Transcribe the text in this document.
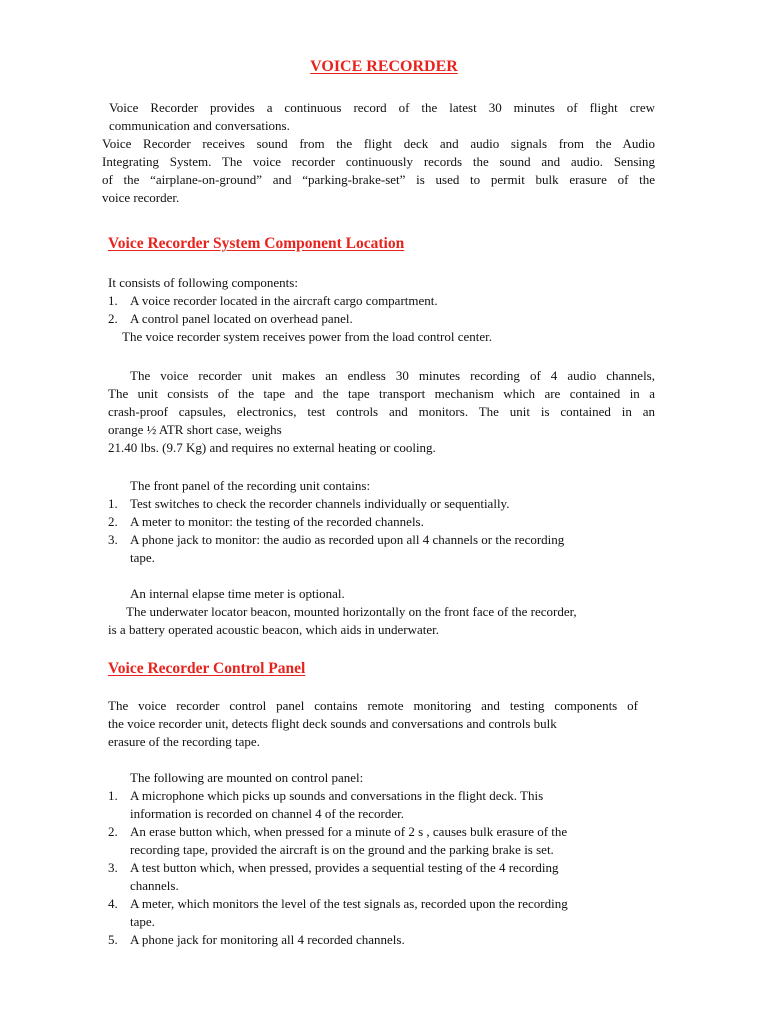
VOICE RECORDER

Voice Recorder provides a continuous record of the latest 30 minutes of flight crew

communication and conversations.

Voice Recorder receives sound from the flight deck and audio signals from the Audio

Integrating System. The voice recorder continuously records the sound and audio. Sensing

of the “airplane-on-ground” and “parking-brake-set” is used to permit bulk erasure of the

voice recorder.

Voice Recorder System Component Location

It consists of following components:

1. A voice recorder located in the aircraft cargo compartment.

2. A control panel located on overhead panel.

The voice recorder system receives power from the load control center.

The voice recorder unit makes an endless 30 minutes recording of 4 audio channels,

The unit consists of the tape and the tape transport mechanism which are contained in a

crash-proof capsules, electronics, test controls and monitors. The unit is contained in an

orange ½ ATR short case, weighs

21.40 lbs. (9.7 Kg) and requires no external heating or cooling.

The front panel of the recording unit contains:

1. Test switches to check the recorder channels individually or sequentially.

2. A meter to monitor: the testing of the recorded channels.

3. A phone jack to monitor: the audio as recorded upon all 4 channels or the recording

tape.

An internal elapse time meter is optional.

The underwater locator beacon, mounted horizontally on the front face of the recorder,

is a battery operated acoustic beacon, which aids in underwater.

Voice Recorder Control Panel

The voice recorder control panel contains remote monitoring and testing components of

the voice recorder unit, detects flight deck sounds and conversations and controls bulk

erasure of the recording tape.

The following are mounted on control panel:

1. A microphone which picks up sounds and conversations in the flight deck. This

information is recorded on channel 4 of the recorder.

2. An erase button which, when pressed for a minute of 2 s , causes bulk erasure of the

recording tape, provided the aircraft is on the ground and the parking brake is set.

3. A test button which, when pressed, provides a sequential testing of the 4 recording

channels.

4. A meter, which monitors the level of the test signals as, recorded upon the recording

tape.

5. A phone jack for monitoring all 4 recorded channels.
